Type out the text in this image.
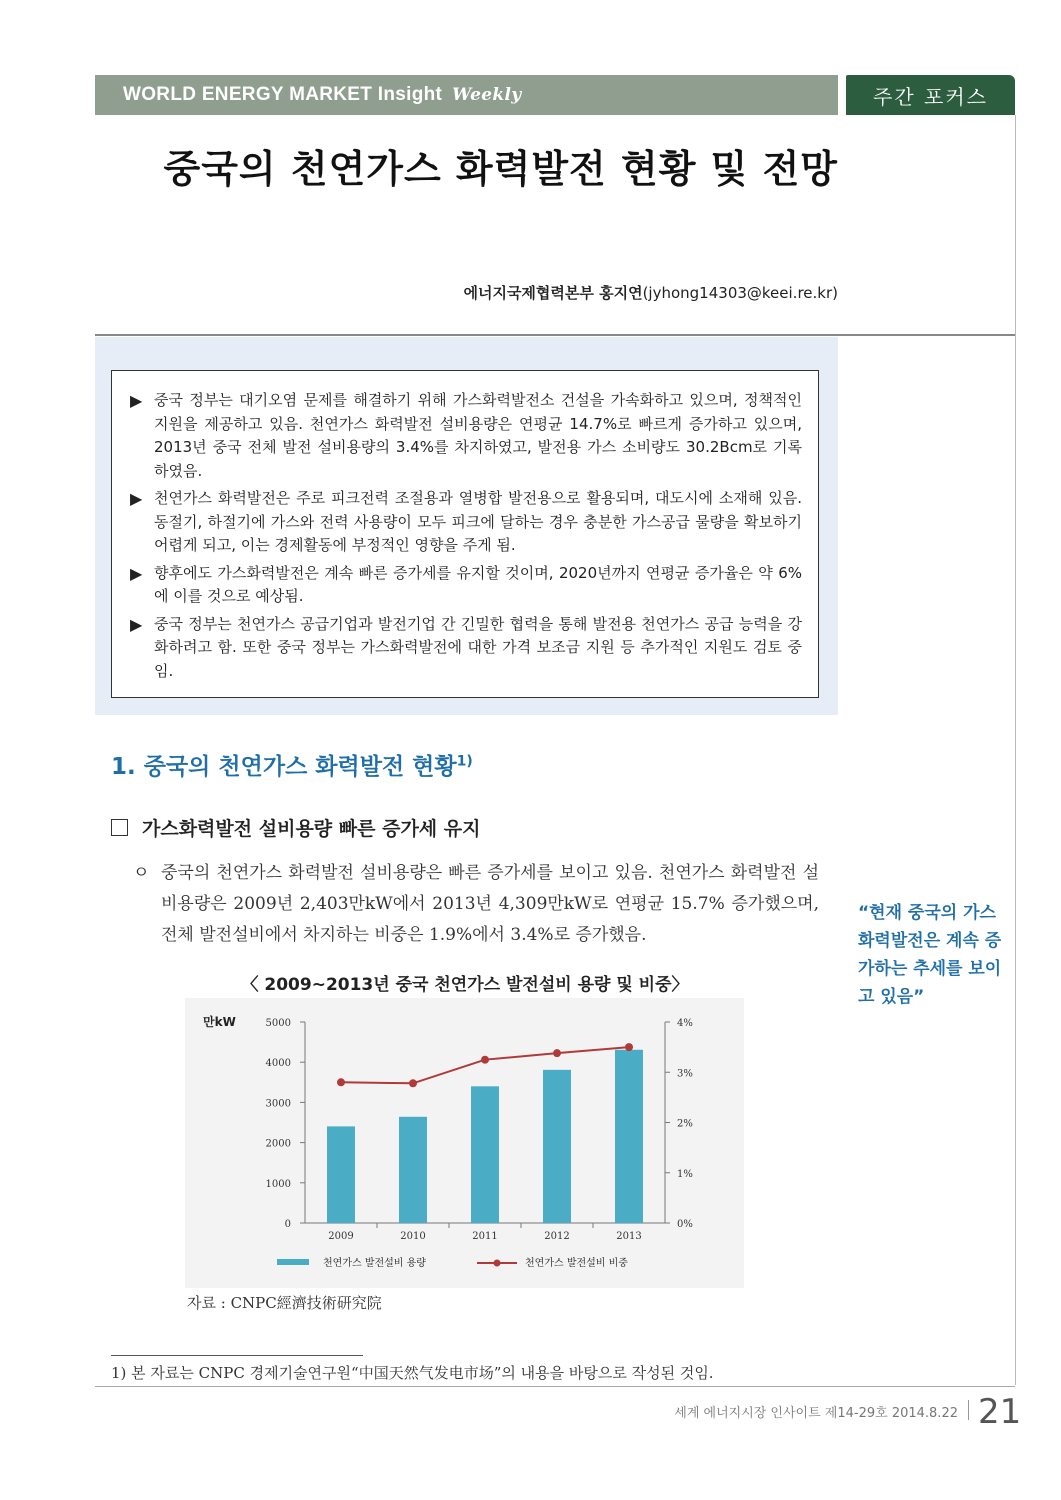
WORLD ENERGY MARKET Insight Weekly	주간 포커스
중국의 천연가스 화력발전 현황 및 전망
에너지국제협력본부 홍지연(jyhong14303@keei.re.kr)
▶ 중국 정부는 대기오염 문제를 해결하기 위해 가스화력발전소 건설을 가속화하고 있으며, 정책적인 지원을 제공하고 있음. 천연가스 화력발전 설비용량은 연평균 14.7%로 빠르게 증가하고 있으며, 2013년 중국 전체 발전 설비용량의 3.4%를 차지하였고, 발전용 가스 소비량도 30.2Bcm로 기록하였음.
▶ 천연가스 화력발전은 주로 피크전력 조절용과 열병합 발전용으로 활용되며, 대도시에 소재해 있음. 동절기, 하절기에 가스와 전력 사용량이 모두 피크에 달하는 경우 충분한 가스공급 물량을 확보하기 어렵게 되고, 이는 경제활동에 부정적인 영향을 주게 됨.
▶ 향후에도 가스화력발전은 계속 빠른 증가세를 유지할 것이며, 2020년까지 연평균 증가율은 약 6%에 이를 것으로 예상됨.
▶ 중국 정부는 천연가스 공급기업과 발전기업 간 긴밀한 협력을 통해 발전용 천연가스 공급 능력을 강화하려고 함. 또한 중국 정부는 가스화력발전에 대한 가격 보조금 지원 등 추가적인 지원도 검토 중임.
1. 중국의 천연가스 화력발전 현황$^{1)}$
가스화력발전 설비용량 빠른 증가세 유지
ㅇ 중국의 천연가스 화력발전 설비용량은 빠른 증가세를 보이고 있음. 천연가스 화력발전 설비용량은 2009년 2,403만kW에서 2013년 4,309만kW로 연평균 15.7% 증가했으며, 전체 발전설비에서 차지하는 비중은 1.9%에서 3.4%로 증가했음.
〈 2009~2013년 중국 천연가스 발전설비 용량 및 비중〉
만kW
0
1000
2000
3000
4000
5000
0%
1%
2%
3%
4%
2009	2010	2011	2012	2013
천연가스 발전설비 용량	천연가스 발전설비 비중
자료 : CNPC經濟技術研究院
1) 본 자료는 CNPC 경제기술연구원“中国天然气发电市场”의 내용을 바탕으로 작성된 것임.
“현재 중국의 가스화력발전은 계속 증가하는 추세를 보이고 있음”
세계 에너지시장 인사이트 제14-29호 2014.8.22 21
